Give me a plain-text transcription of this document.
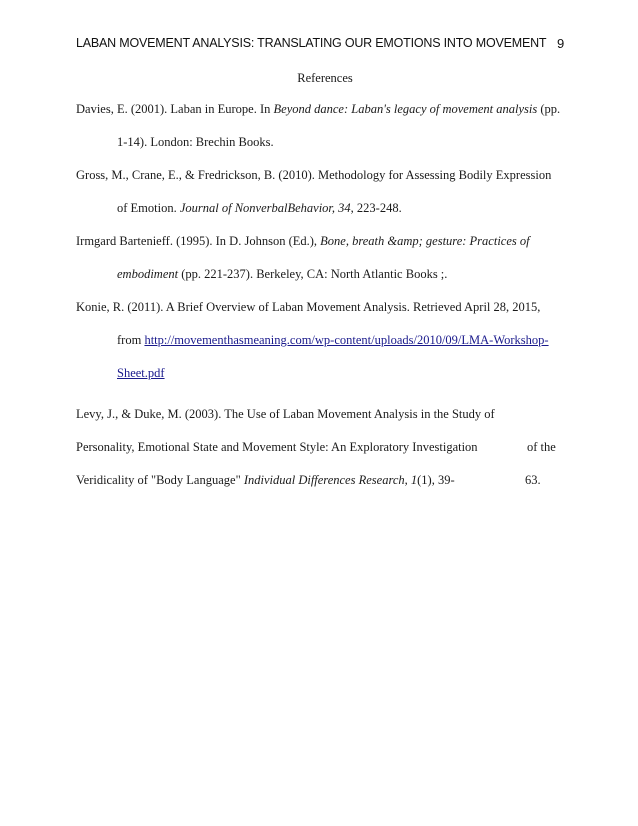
LABAN MOVEMENT ANALYSIS: TRANSLATING OUR EMOTIONS INTO MOVEMENT 9
References
Davies, E. (2001). Laban in Europe. In Beyond dance: Laban's legacy of movement analysis (pp.
1-14). London: Brechin Books.
Gross, M., Crane, E., & Fredrickson, B. (2010). Methodology for Assessing Bodily Expression
of Emotion. Journal of NonverbalBehavior, 34, 223-248.
Irmgard Bartenieff. (1995). In D. Johnson (Ed.), Bone, breath &amp; gesture: Practices of
embodiment (pp. 221-237). Berkeley, CA: North Atlantic Books ;.
Konie, R. (2011). A Brief Overview of Laban Movement Analysis. Retrieved April 28, 2015,
from http://movementhasmeaning.com/wp-content/uploads/2010/09/LMA-Workshop-
Sheet.pdf
Levy, J., & Duke, M. (2003). The Use of Laban Movement Analysis in the Study of
Personality, Emotional State and Movement Style: An Exploratory Investigation	of the
Veridicality of "Body Language" Individual Differences Research, 1(1), 39-	63.
